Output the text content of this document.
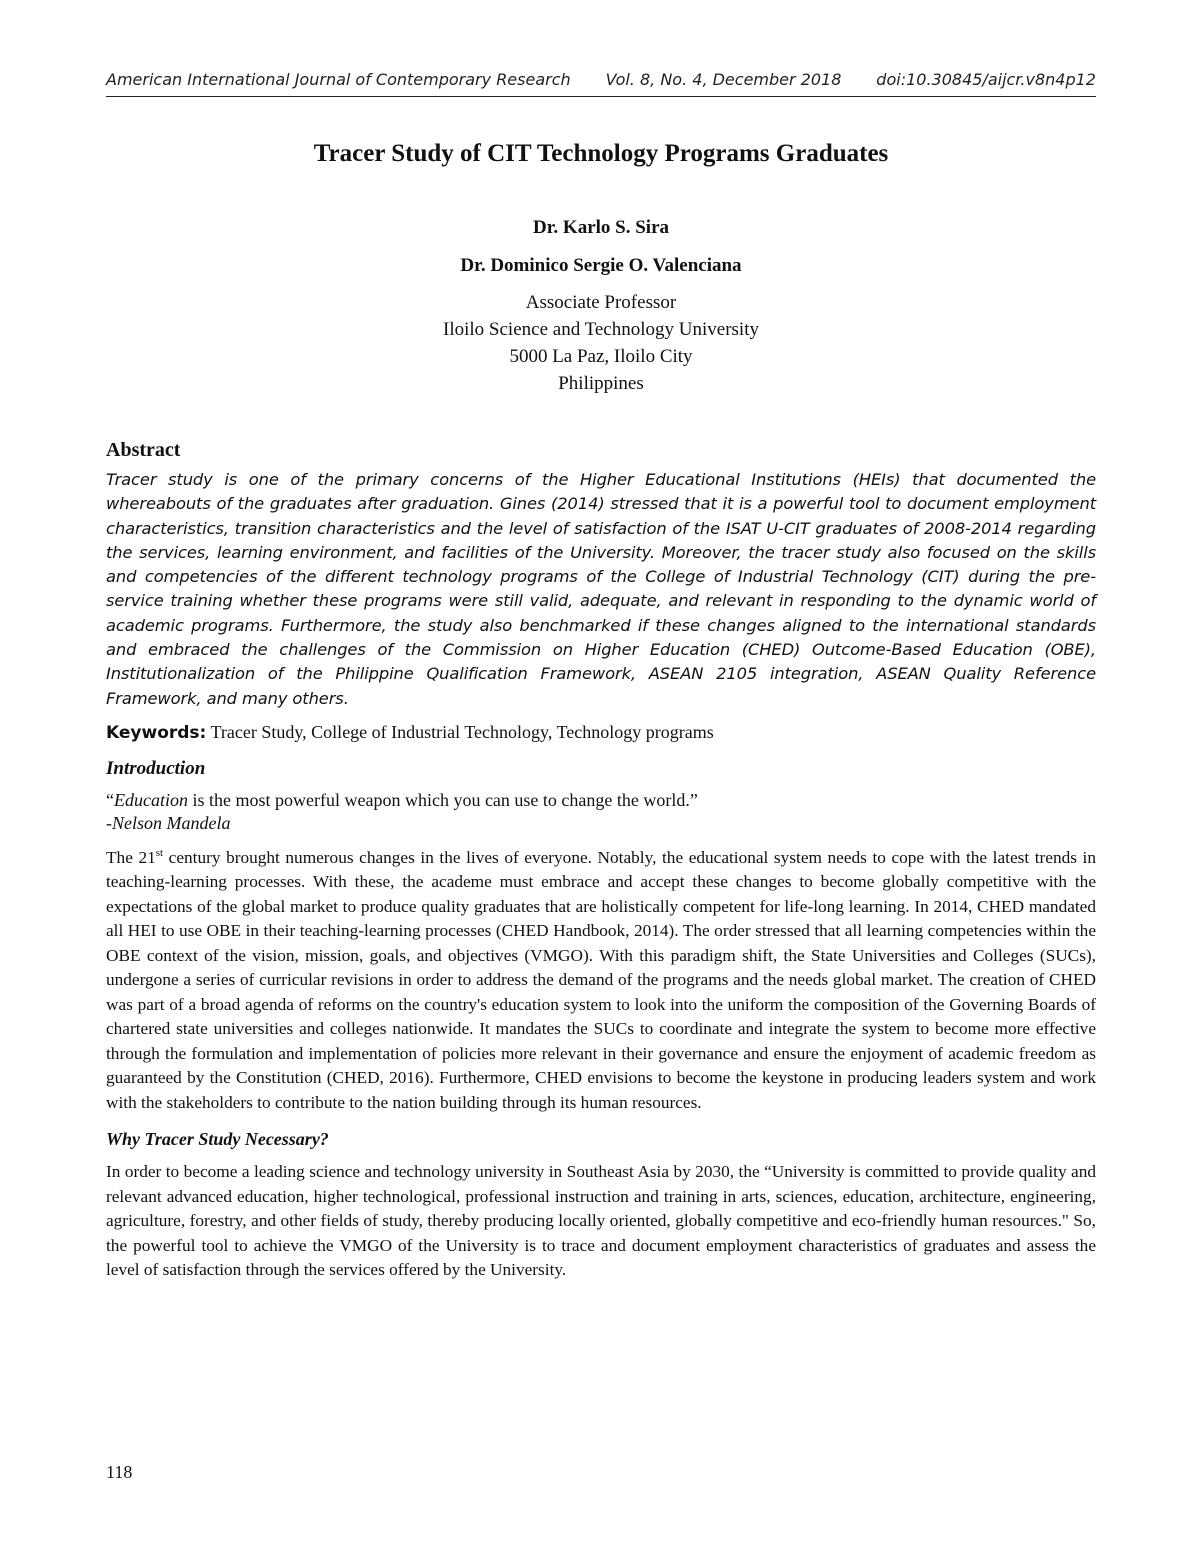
American International Journal of Contemporary Research Vol. 8, No. 4, December 2018 doi:10.30845/aijcr.v8n4p12
Tracer Study of CIT Technology Programs Graduates

Dr. Karlo S. Sira

Dr. Dominico Sergie O. Valenciana

Associate Professor

Iloilo Science and Technology University

5000 La Paz, Iloilo City

Philippines

Abstract

Tracer study is one of the primary concerns of the Higher Educational Institutions (HEIs) that documented the whereabouts of the graduates after graduation. Gines (2014) stressed that it is a powerful tool to document employment characteristics, transition characteristics and the level of satisfaction of the ISAT U-CIT graduates of 2008-2014 regarding the services, learning environment, and facilities of the University. Moreover, the tracer study also focused on the skills and competencies of the different technology programs of the College of Industrial Technology (CIT) during the pre-service training whether these programs were still valid, adequate, and relevant in responding to the dynamic world of academic programs. Furthermore, the study also benchmarked if these changes aligned to the international standards and embraced the challenges of the Commission on Higher Education (CHED) Outcome-Based Education (OBE), Institutionalization of the Philippine Qualification Framework, ASEAN 2105 integration, ASEAN Quality Reference Framework, and many others.

Keywords: Tracer Study, College of Industrial Technology, Technology programs

Introduction

“Education is the most powerful weapon which you can use to change the world.”

-Nelson Mandela

The 21st century brought numerous changes in the lives of everyone. Notably, the educational system needs to cope with the latest trends in teaching-learning processes. With these, the academe must embrace and accept these changes to become globally competitive with the expectations of the global market to produce quality graduates that are holistically competent for life-long learning. In 2014, CHED mandated all HEI to use OBE in their teaching-learning processes (CHED Handbook, 2014). The order stressed that all learning competencies within the OBE context of the vision, mission, goals, and objectives (VMGO). With this paradigm shift, the State Universities and Colleges (SUCs), undergone a series of curricular revisions in order to address the demand of the programs and the needs global market. The creation of CHED was part of a broad agenda of reforms on the country's education system to look into the uniform the composition of the Governing Boards of chartered state universities and colleges nationwide. It mandates the SUCs to coordinate and integrate the system to become more effective through the formulation and implementation of policies more relevant in their governance and ensure the enjoyment of academic freedom as guaranteed by the Constitution (CHED, 2016). Furthermore, CHED envisions to become the keystone in producing leaders system and work with the stakeholders to contribute to the nation building through its human resources.

Why Tracer Study Necessary?

In order to become a leading science and technology university in Southeast Asia by 2030, the “University is committed to provide quality and relevant advanced education, higher technological, professional instruction and training in arts, sciences, education, architecture, engineering, agriculture, forestry, and other fields of study, thereby producing locally oriented, globally competitive and eco-friendly human resources." So, the powerful tool to achieve the VMGO of the University is to trace and document employment characteristics of graduates and assess the level of satisfaction through the services offered by the University.

118
